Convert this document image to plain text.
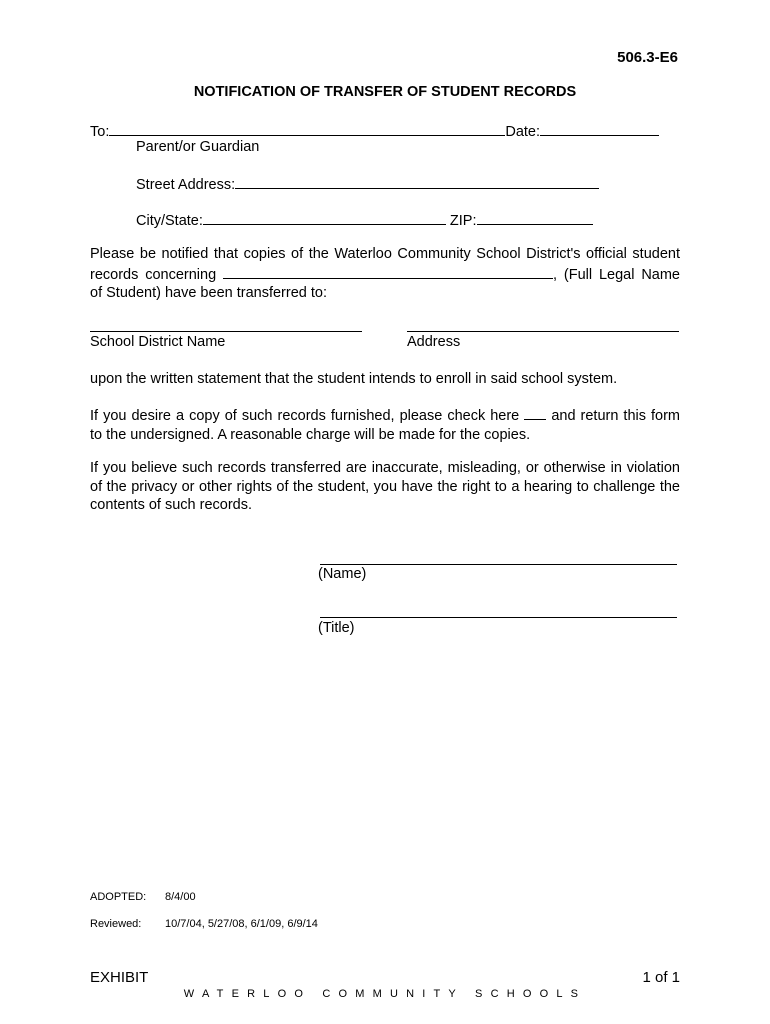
506.3-E6
NOTIFICATION OF TRANSFER OF STUDENT RECORDS
To:	Date:
Parent/or Guardian
Street Address:
City/State:	ZIP:
Please be notified that copies of the Waterloo Community School District's official student records concerning	, (Full Legal Name of Student) have been transferred to:
School District Name	Address
upon the written statement that the student intends to enroll in said school system.
If you desire a copy of such records furnished, please check here and return this form to the undersigned. A reasonable charge will be made for the copies.
If you believe such records transferred are inaccurate, misleading, or otherwise in violation of the privacy or other rights of the student, you have the right to a hearing to challenge the contents of such records.
(Name)
(Title)
ADOPTED: 8/4/00
Reviewed: 10/7/04, 5/27/08, 6/1/09, 6/9/14
EXHIBIT	1 of 1
WATERLOO COMMUNITY SCHOOLS
